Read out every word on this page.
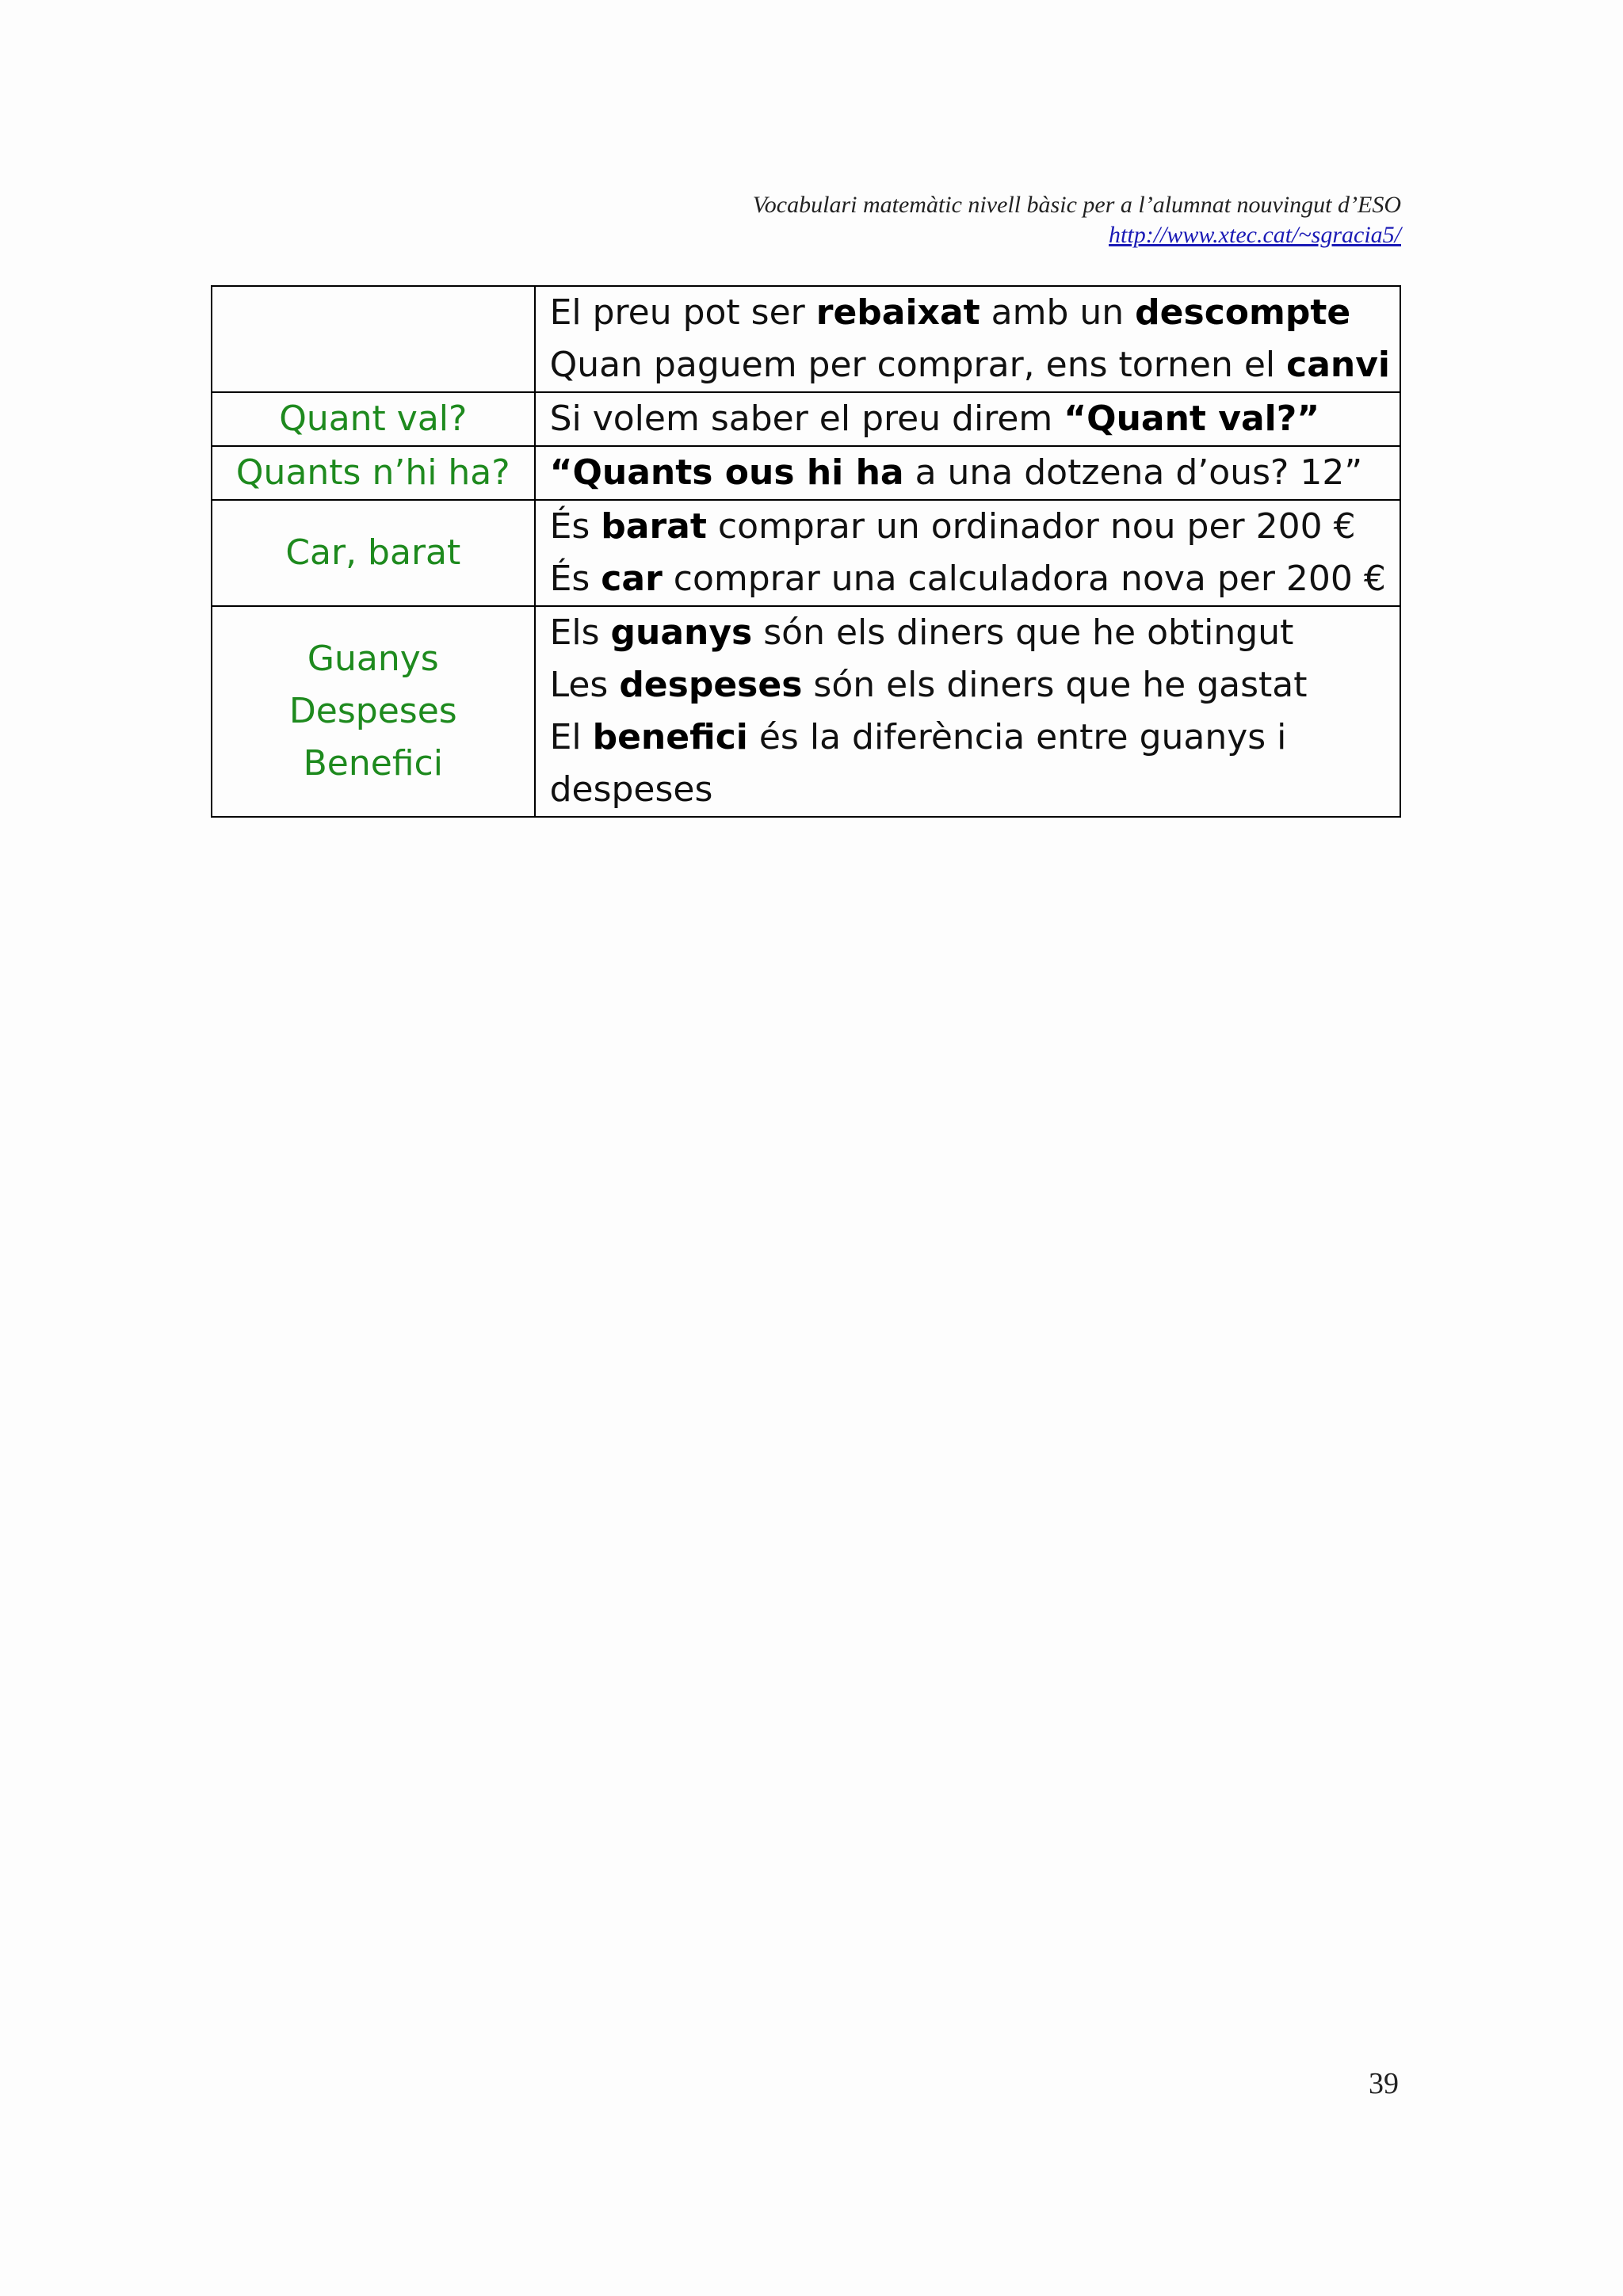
Vocabulari matemàtic nivell bàsic per a l’alumnat nouvingut d’ESO
http://www.xtec.cat/~sgracia5/

	El preu pot ser rebaixat amb un descompte
Quan paguem per comprar, ens tornen el canvi

Quant val?	Si volem saber el preu direm “Quant val?”

Quants n’hi ha?	“Quants ous hi ha a una dotzena d’ous? 12”

Car, barat	És barat comprar un ordinador nou per 200 €
És car comprar una calculadora nova per 200 €

Guanys
Despeses
Benefici	Els guanys són els diners que he obtingut
Les despeses són els diners que he gastat
El benefici és la diferència entre guanys i despeses
39
